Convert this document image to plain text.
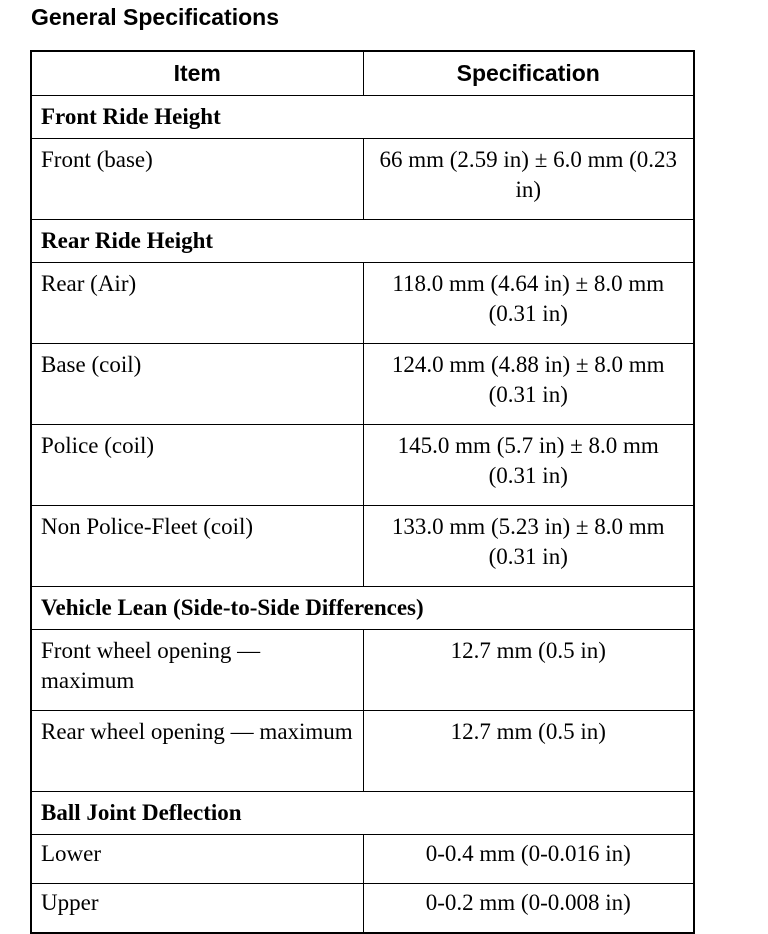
General Specifications
Item	Specification
Front Ride Height	
Front (base)	66 mm (2.59 in) ± 6.0 mm (0.23 in)
Rear Ride Height	
Rear (Air)	118.0 mm (4.64 in) ± 8.0 mm (0.31 in)
Base (coil)	124.0 mm (4.88 in) ± 8.0 mm (0.31 in)
Police (coil)	145.0 mm (5.7 in) ± 8.0 mm (0.31 in)
Non Police-Fleet (coil)	133.0 mm (5.23 in) ± 8.0 mm (0.31 in)
Vehicle Lean (Side-to-Side Differences)	
Front wheel opening — maximum	12.7 mm (0.5 in)
Rear wheel opening — maximum	12.7 mm (0.5 in)
Ball Joint Deflection	
Lower	0-0.4 mm (0-0.016 in)
Upper	0-0.2 mm (0-0.008 in)
